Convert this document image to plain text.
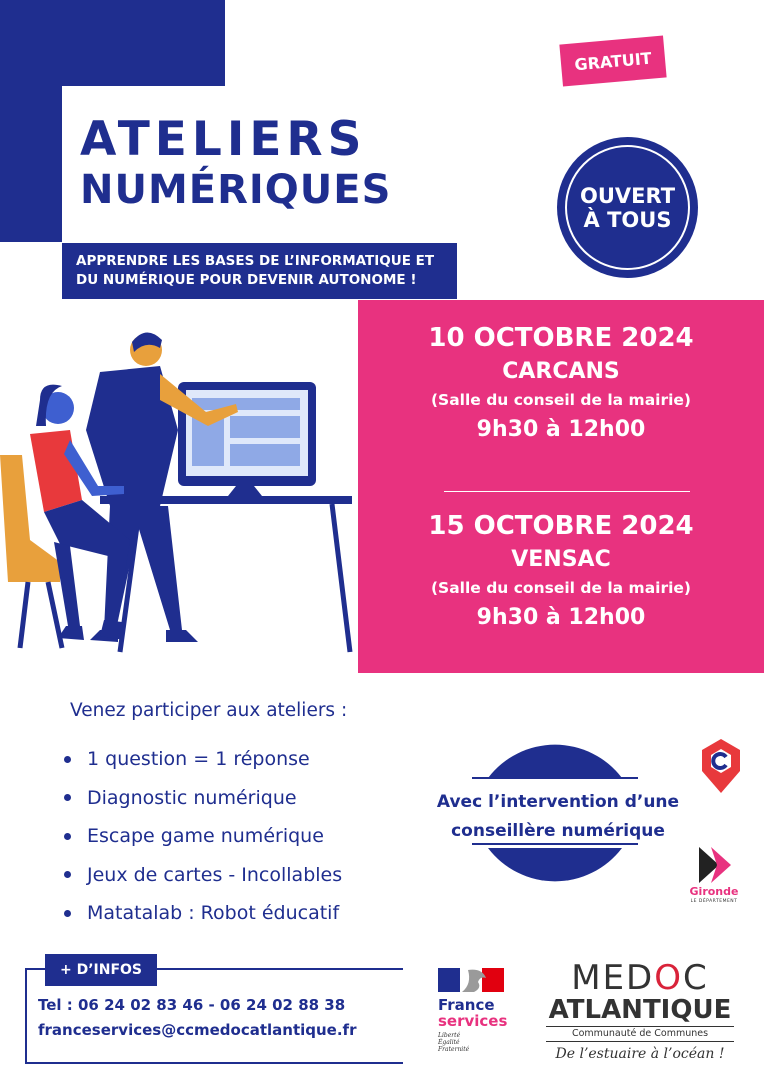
ATELIERS
NUMÉRIQUES
APPRENDRE LES BASES DE L’INFORMATIQUE ET
DU NUMÉRIQUE POUR DEVENIR AUTONOME !
GRATUIT
OUVERT
À TOUS
10 OCTOBRE 2024
CARCANS
(Salle du conseil de la mairie)
9h30 à 12h00
15 OCTOBRE 2024
VENSAC
(Salle du conseil de la mairie)
9h30 à 12h00
Venez participer aux ateliers :
1 question = 1 réponse
Diagnostic numérique
Escape game numérique
Jeux de cartes - Incollables
Matatalab : Robot éducatif
Avec l’intervention d’une
conseillère numérique
Gironde
LE DÉPARTEMENT
+ D’INFOS
Tel : 06 24 02 83 46 - 06 24 02 88 38
franceservices@ccmedocatlantique.fr
France
services
Liberté
Égalité
Fraternité
MEDOC
ATLANTIQUE
Communauté de Communes
De l’estuaire à l’océan !
